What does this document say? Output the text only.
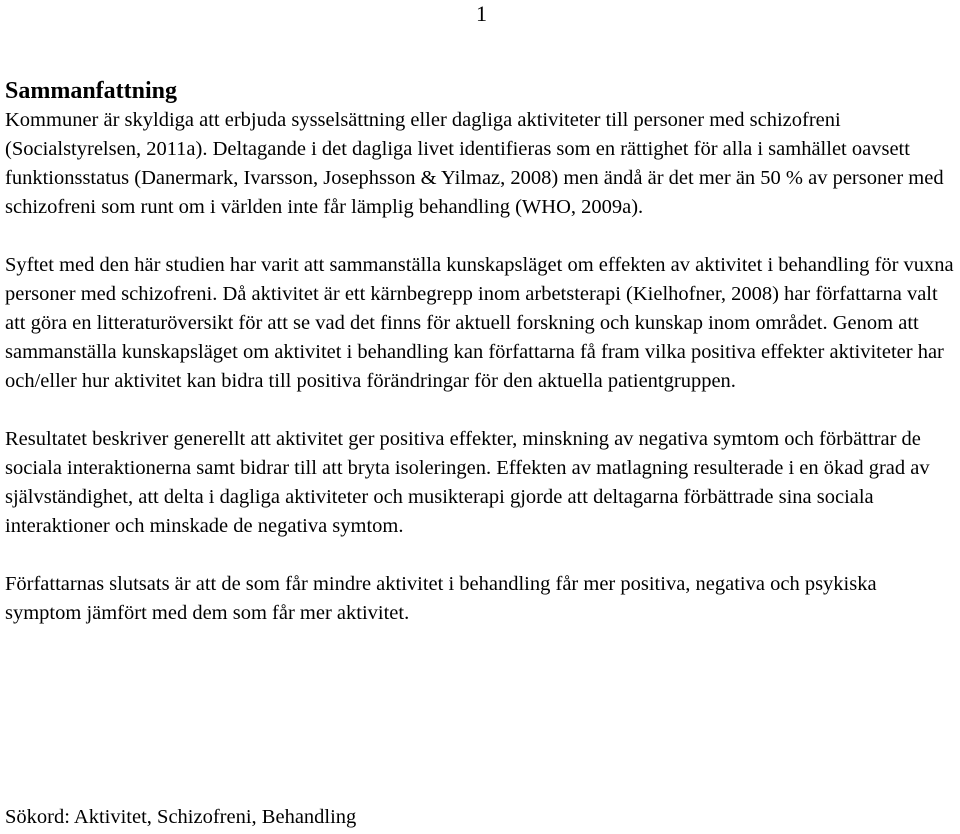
1
Sammanfattning

Kommuner är skyldiga att erbjuda sysselsättning eller dagliga aktiviteter till personer med schizofreni (Socialstyrelsen, 2011a). Deltagande i det dagliga livet identifieras som en rättighet för alla i samhället oavsett funktionsstatus (Danermark, Ivarsson, Josephsson & Yilmaz, 2008) men ändå är det mer än 50 % av personer med schizofreni som runt om i världen inte får lämplig behandling (WHO, 2009a).

Syftet med den här studien har varit att sammanställa kunskapsläget om effekten av aktivitet i behandling för vuxna personer med schizofreni. Då aktivitet är ett kärnbegrepp inom arbetsterapi (Kielhofner, 2008) har författarna valt att göra en litteraturöversikt för att se vad det finns för aktuell forskning och kunskap inom området. Genom att sammanställa kunskapsläget om aktivitet i behandling kan författarna få fram vilka positiva effekter aktiviteter har och/eller hur aktivitet kan bidra till positiva förändringar för den aktuella patientgruppen.

Resultatet beskriver generellt att aktivitet ger positiva effekter, minskning av negativa symtom och förbättrar de sociala interaktionerna samt bidrar till att bryta isoleringen. Effekten av matlagning resulterade i en ökad grad av självständighet, att delta i dagliga aktiviteter och musikterapi gjorde att deltagarna förbättrade sina sociala interaktioner och minskade de negativa symtom.

Författarnas slutsats är att de som får mindre aktivitet i behandling får mer positiva, negativa och psykiska symptom jämfört med dem som får mer aktivitet.

Sökord: Aktivitet, Schizofreni, Behandling
